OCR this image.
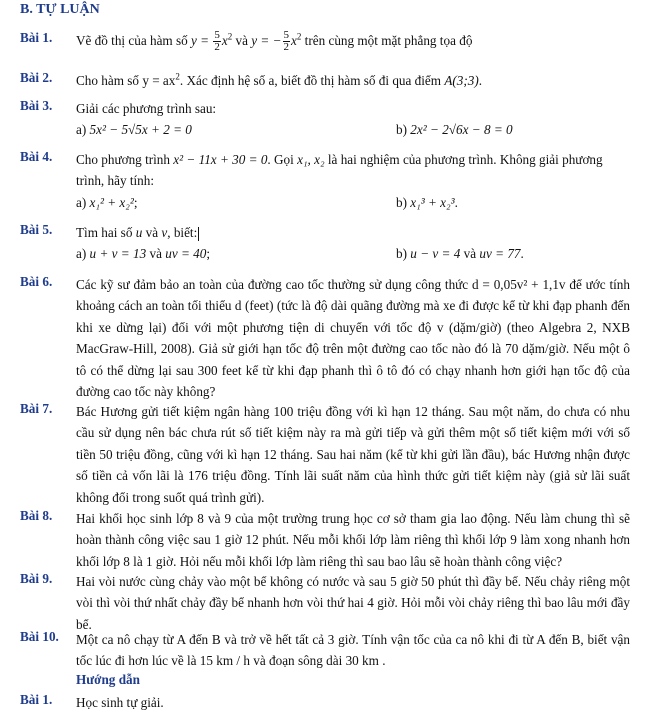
B. TỰ LUẬN
Bài 1.	Vẽ đồ thị của hàm số $y = \frac{5}{2} x^2$ và y = − $\frac{5}{2} x^2$ trên cùng một mặt phẳng tọa độ
Bài 2.	Cho hàm số $y = ax^2$. Xác định hệ số a, biết đồ thị hàm số đi qua điểm A(3;3).
Bài 3.	Giải các phương trình sau:
a) 5x² − 5√5x + 2 = 0	b) 2x² − 2√6x − 8 = 0
Bài 4.	Cho phương trình x² − 11x + 30 = 0. Gọi x₁, x₂ là hai nghiệm của phương trình. Không giải phương trình, hãy tính:
a) x₁² + x₂²;	b) x₁³ + x₂³.
Bài 5.	Tìm hai số u và v, biết:
a) u + v = 13 và uv = 40;	b) u − v = 4 và uv = 77.
Bài 6.	Các kỹ sư đảm bảo an toàn của đường cao tốc thường sử dụng công thức d = 0,05v² + 1,1v để ước tính khoảng cách an toàn tối thiểu d (feet) (tức là độ dài quãng đường mà xe đi được kể từ khi đạp phanh đến khi xe dừng lại) đối với một phương tiện di chuyển với tốc độ v (dặm/giờ) (theo Algebra 2, NXB MacGraw-Hill, 2008). Giả sử giới hạn tốc độ trên một đường cao tốc nào đó là 70 dặm/giờ. Nếu một ô tô có thể dừng lại sau 300 feet kể từ khi đạp phanh thì ô tô đó có chạy nhanh hơn giới hạn tốc độ của đường cao tốc này không?
Bài 7.	Bác Hương gửi tiết kiệm ngân hàng 100 triệu đồng với kì hạn 12 tháng. Sau một năm, do chưa có nhu cầu sử dụng nên bác chưa rút số tiết kiệm này ra mà gửi tiếp và gửi thêm một số tiết kiệm mới với số tiền 50 triệu đồng, cũng với kì hạn 12 tháng. Sau hai năm (kể từ khi gửi lần đầu), bác Hương nhận được số tiền cả vốn lãi là 176 triệu đồng. Tính lãi suất năm của hình thức gửi tiết kiệm này (giả sử lãi suất không đổi trong suốt quá trình gửi).
Bài 8.	Hai khối học sinh lớp 8 và 9 của một trường trung học cơ sở tham gia lao động. Nếu làm chung thì sẽ hoàn thành công việc sau 1 giờ 12 phút. Nếu mỗi khối lớp làm riêng thì khối lớp 9 làm xong nhanh hơn khối lớp 8 là 1 giờ. Hỏi nếu mỗi khối lớp làm riêng thì sau bao lâu sẽ hoàn thành công việc?
Bài 9.	Hai vòi nước cùng chảy vào một bể không có nước và sau 5 giờ 50 phút thì đầy bể. Nếu chảy riêng một vòi thì vòi thứ nhất chảy đầy bể nhanh hơn vòi thứ hai 4 giờ. Hỏi mỗi vòi chảy riêng thì bao lâu mới đầy bể.
Bài 10.	Một ca nô chạy từ A đến B và trở về hết tất cả 3 giờ. Tính vận tốc của ca nô khi đi từ A đến B, biết vận tốc lúc đi hơn lúc về là 15 km / h và đoạn sông dài 30 km .
Hướng dẫn
Bài 1.	Học sinh tự giải.
